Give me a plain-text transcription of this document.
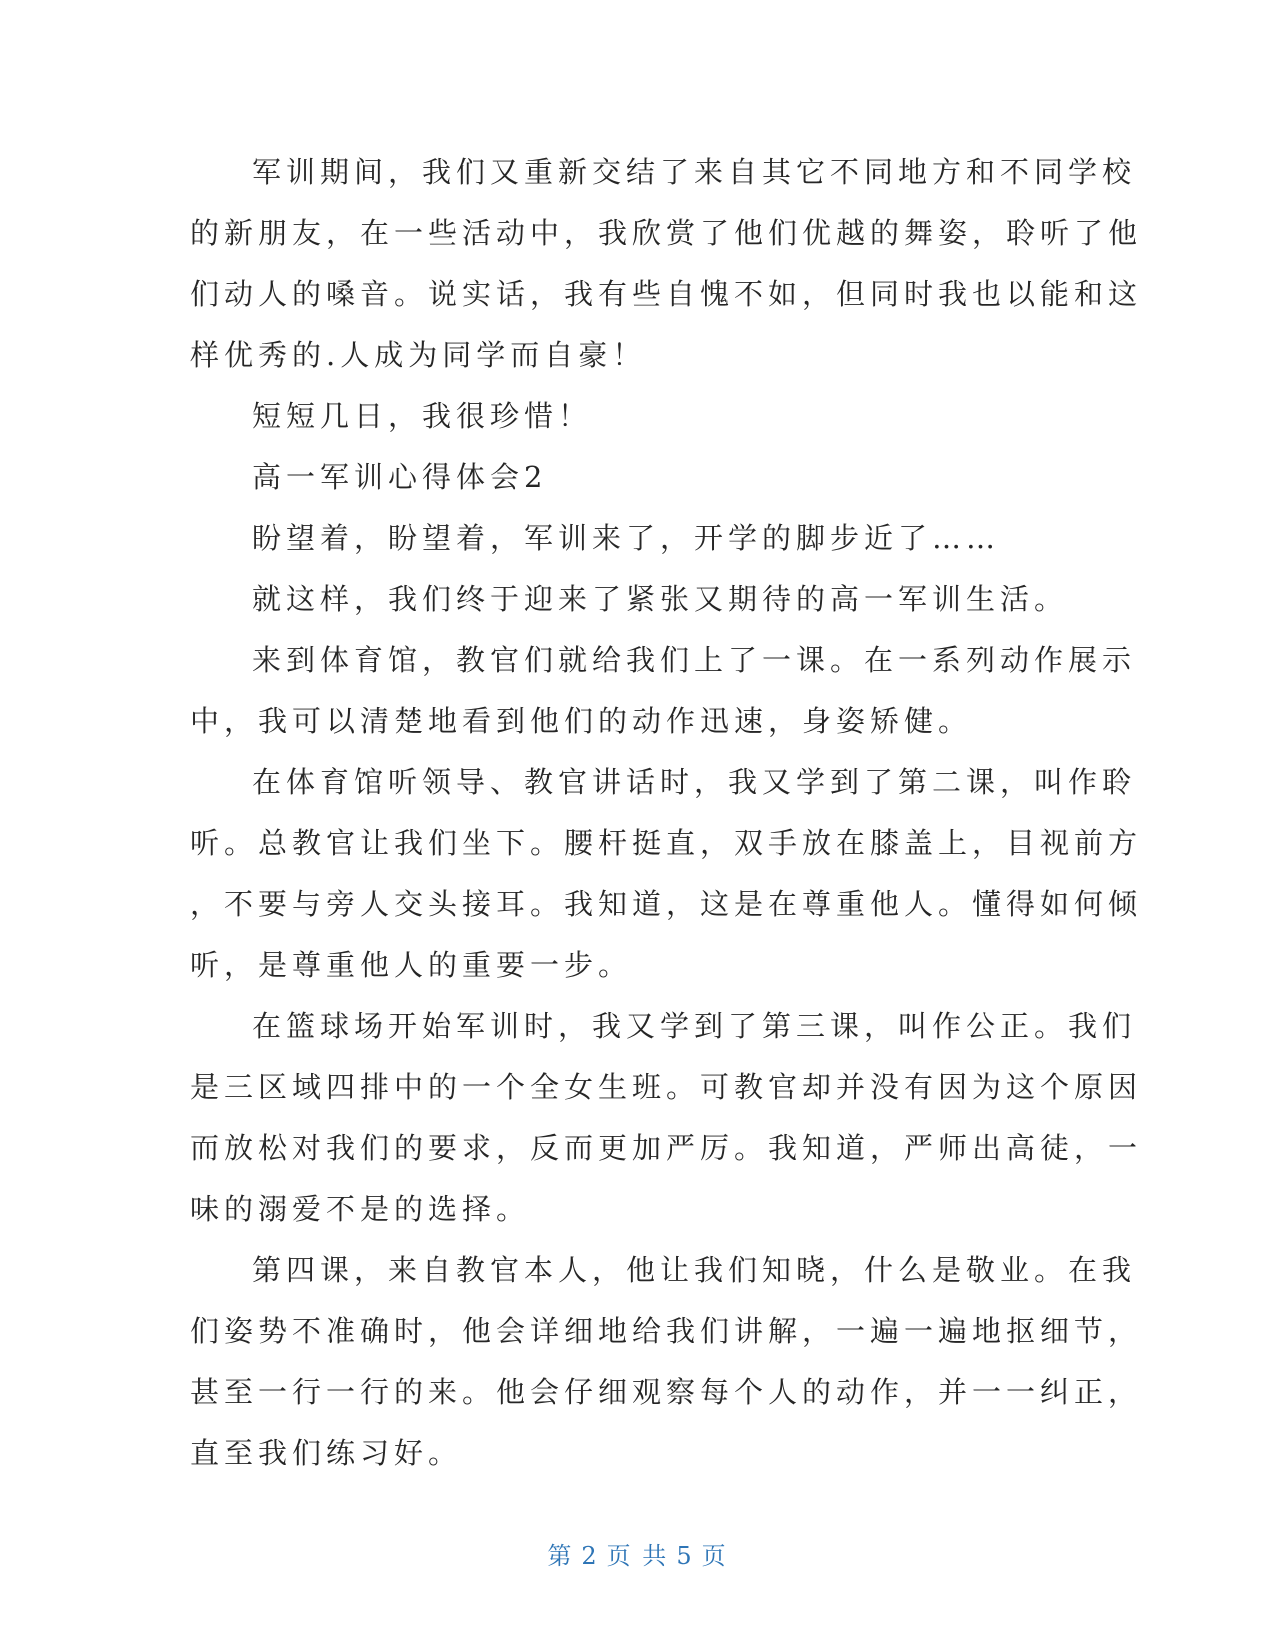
军训期间，我们又重新交结了来自其它不同地方和不同学校
的新朋友，在一些活动中，我欣赏了他们优越的舞姿，聆听了他
们动人的嗓音。说实话，我有些自愧不如，但同时我也以能和这
样优秀的.人成为同学而自豪！
短短几日，我很珍惜！
高一军训心得体会2
盼望着，盼望着，军训来了，开学的脚步近了……
就这样，我们终于迎来了紧张又期待的高一军训生活。
来到体育馆，教官们就给我们上了一课。在一系列动作展示
中，我可以清楚地看到他们的动作迅速，身姿矫健。
在体育馆听领导、教官讲话时，我又学到了第二课，叫作聆
听。总教官让我们坐下。腰杆挺直，双手放在膝盖上，目视前方
，不要与旁人交头接耳。我知道，这是在尊重他人。懂得如何倾
听，是尊重他人的重要一步。
在篮球场开始军训时，我又学到了第三课，叫作公正。我们
是三区域四排中的一个全女生班。可教官却并没有因为这个原因
而放松对我们的要求，反而更加严厉。我知道，严师出高徒，一
味的溺爱不是的选择。
第四课，来自教官本人，他让我们知晓，什么是敬业。在我
们姿势不准确时，他会详细地给我们讲解，一遍一遍地抠细节，
甚至一行一行的来。他会仔细观察每个人的动作，并一一纠正，
直至我们练习好。
第 2 页 共 5 页
